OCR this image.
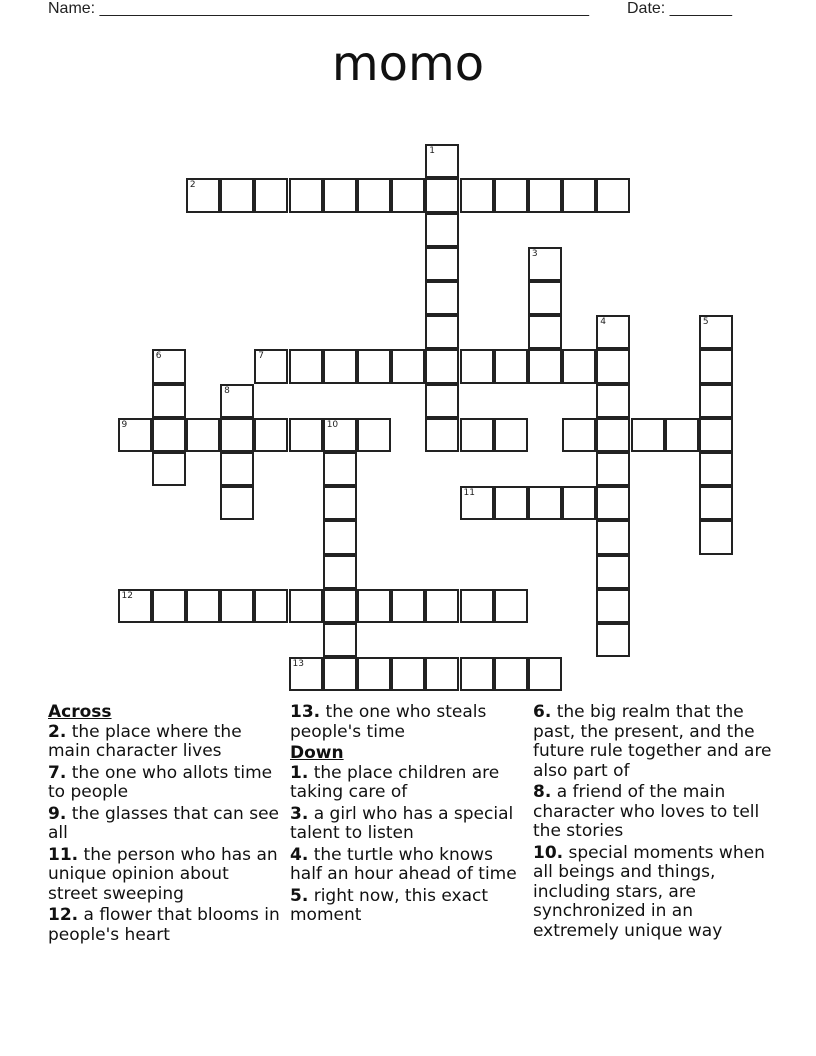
Name: _______________________________________________________ Date: _______
momo
1
2
3
4	5
6	7
8
9	10
11
12
13

Across

2. the place where the main character lives

7. the one who allots time to people

9. the glasses that can see all

11. the person who has an unique opinion about street sweeping

12. a flower that blooms in people's heart

13. the one who steals people's time

Down

1. the place children are taking care of

3. a girl who has a special talent to listen

4. the turtle who knows half an hour ahead of time

5. right now, this exact moment

6. the big realm that the past, the present, and the future rule together and are also part of

8. a friend of the main character who loves to tell the stories

10. special moments when all beings and things, including stars, are synchronized in an extremely unique way
